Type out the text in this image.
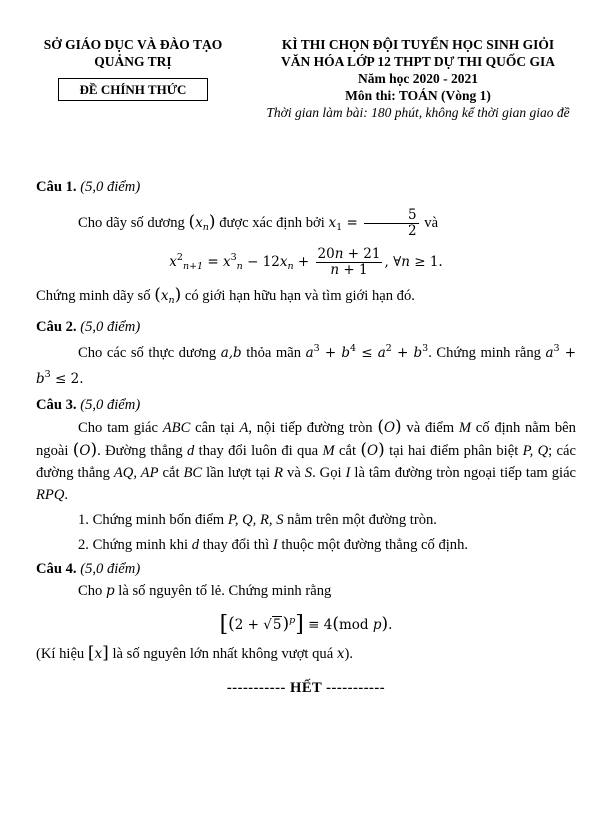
SỞ GIÁO DỤC VÀ ĐÀO TẠO
QUẢNG TRỊ
ĐỀ CHÍNH THỨC
KÌ THI CHỌN ĐỘI TUYỂN HỌC SINH GIỎI
VĂN HÓA LỚP 12 THPT DỰ THI QUỐC GIA
Năm học 2020 - 2021
Môn thi: TOÁN (Vòng 1)
Thời gian làm bài: 180 phút, không kể thời gian giao đề

Câu 1. (5,0 điểm)

Cho dãy số dương $(x_n)$ được xác định bởi $x_1 = \frac{5}{2}$ và

$x^2_{n+1} = x^3_n - 12x_n + \frac{20n + 21}{n + 1}$ , ∀n ≥ 1.

Chứng minh dãy số $(x_n)$ có giới hạn hữu hạn và tìm giới hạn đó.

Câu 2. (5,0 điểm)

Cho các số thực dương a,b thỏa mãn $a^3 + b^4 \le a^2 + b^3$. Chứng minh rằng $a^3 + b^3 \le 2$.

Câu 3. (5,0 điểm)

Cho tam giác ABC cân tại A, nội tiếp đường tròn (O) và điểm M cố định nằm bên ngoài (O). Đường thẳng d thay đổi luôn đi qua M cắt (O) tại hai điểm phân biệt P, Q; các đường thẳng AQ, AP cắt BC lần lượt tại R và S. Gọi I là tâm đường tròn ngoại tiếp tam giác RPQ.

1. Chứng minh bốn điểm P, Q, R, S nằm trên một đường tròn.

2. Chứng minh khi d thay đổi thì I thuộc một đường thẳng cố định.

Câu 4. (5,0 điểm)

Cho p là số nguyên tố lẻ. Chứng minh rằng

$[(2 + √5)^p] \equiv 4(mod$ p).

(Kí hiệu [x] là số nguyên lớn nhất không vượt quá x).

----------- HẾT -----------
